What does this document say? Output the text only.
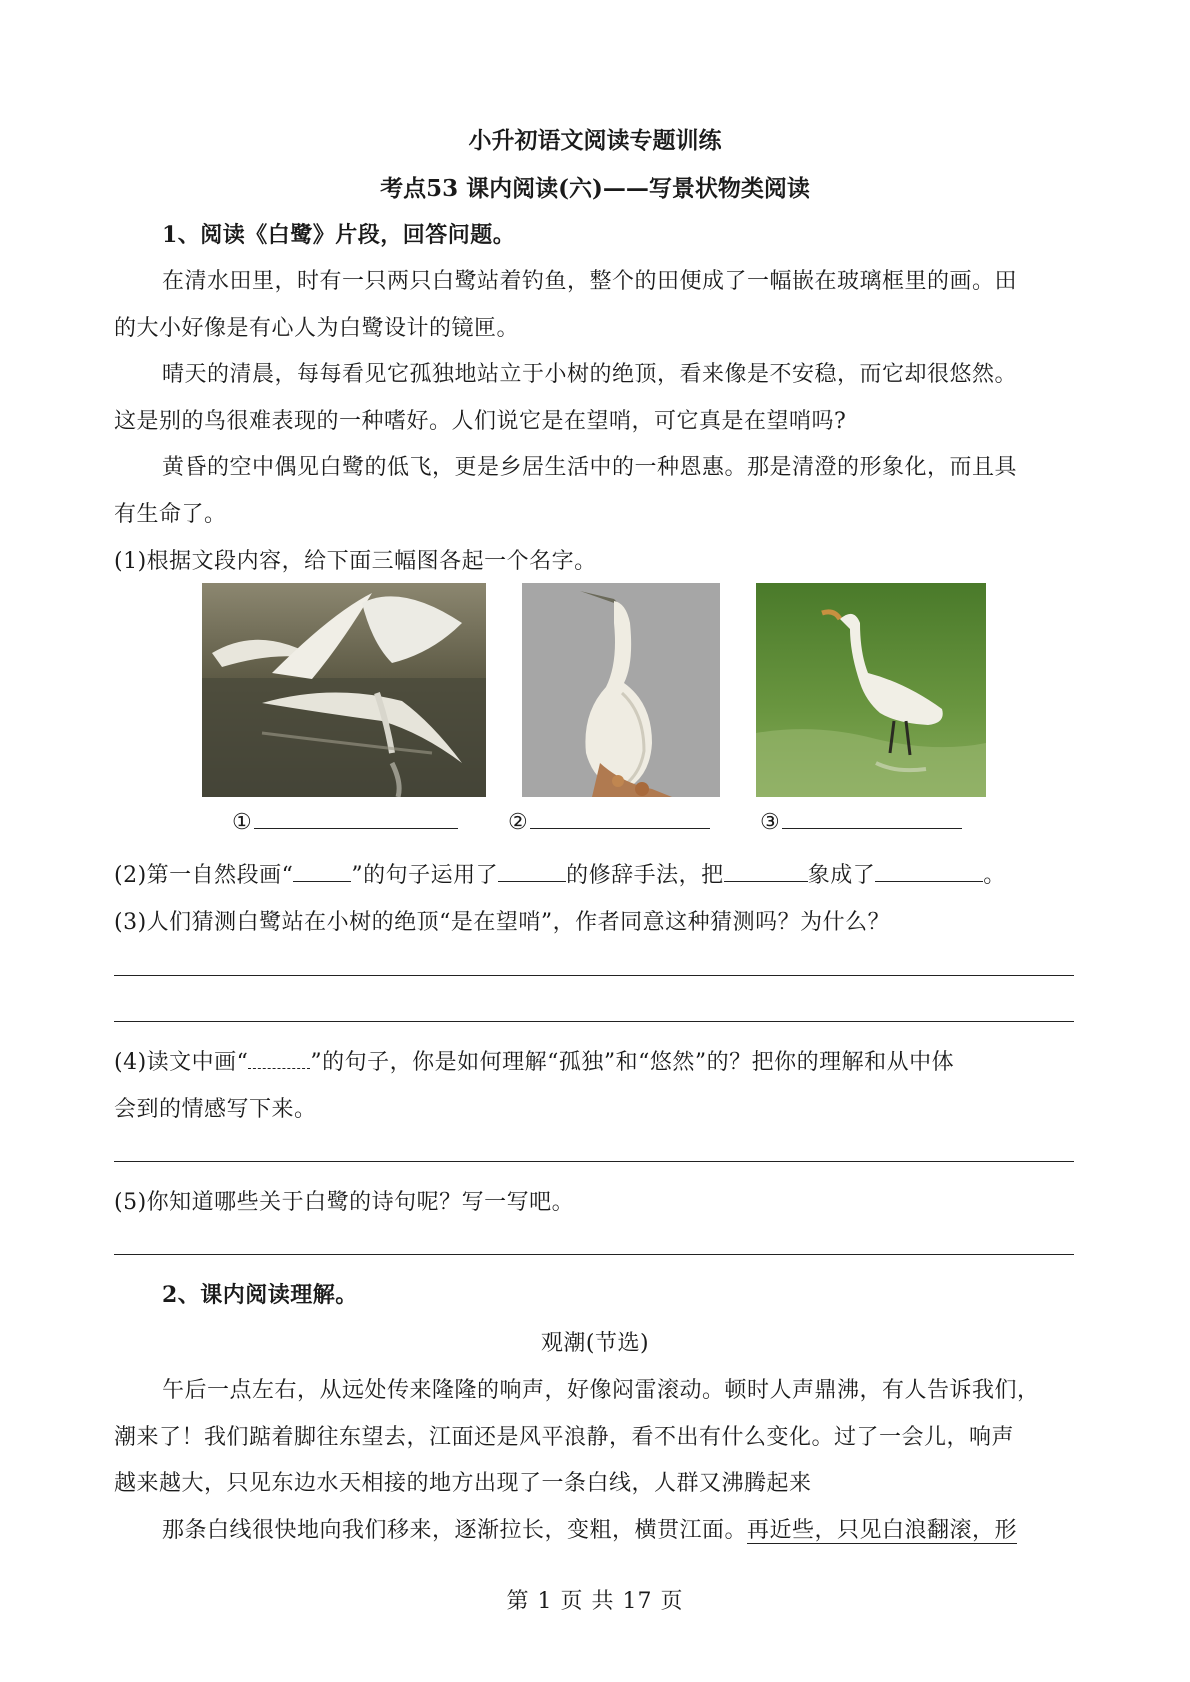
小升初语文阅读专题训练
考点53 课内阅读(六)——写景状物类阅读
1、阅读《白鹭》片段，回答问题。
在清水田里，时有一只两只白鹭站着钓鱼，整个的田便成了一幅嵌在玻璃框里的画。田
的大小好像是有心人为白鹭设计的镜匣。
晴天的清晨，每每看见它孤独地站立于小树的绝顶，看来像是不安稳，而它却很悠然。
这是别的鸟很难表现的一种嗜好。人们说它是在望哨，可它真是在望哨吗?
黄昏的空中偶见白鹭的低飞，更是乡居生活中的一种恩惠。那是清澄的形象化，而且具
有生命了。
(1)根据文段内容，给下面三幅图各起一个名字。
①	②	③
(2)第一自然段画“	”的句子运用了	的修辞手法，把	象成了	。
(3)人们猜测白鹭站在小树的绝顶“是在望哨”，作者同意这种猜测吗？为什么？
(4)读文中画“	”的句子，你是如何理解“孤独”和“悠然”的？把你的理解和从中体
会到的情感写下来。
(5)你知道哪些关于白鹭的诗句呢？写一写吧。
2、课内阅读理解。
观潮(节选)
午后一点左右，从远处传来隆隆的响声，好像闷雷滚动。顿时人声鼎沸，有人告诉我们，
潮来了！我们踮着脚往东望去，江面还是风平浪静，看不出有什么变化。过了一会儿，响声
越来越大，只见东边水天相接的地方出现了一条白线，人群又沸腾起来
那条白线很快地向我们移来，逐渐拉长，变粗，横贯江面。再近些，只见白浪翻滚，形
第 1 页 共 17 页
